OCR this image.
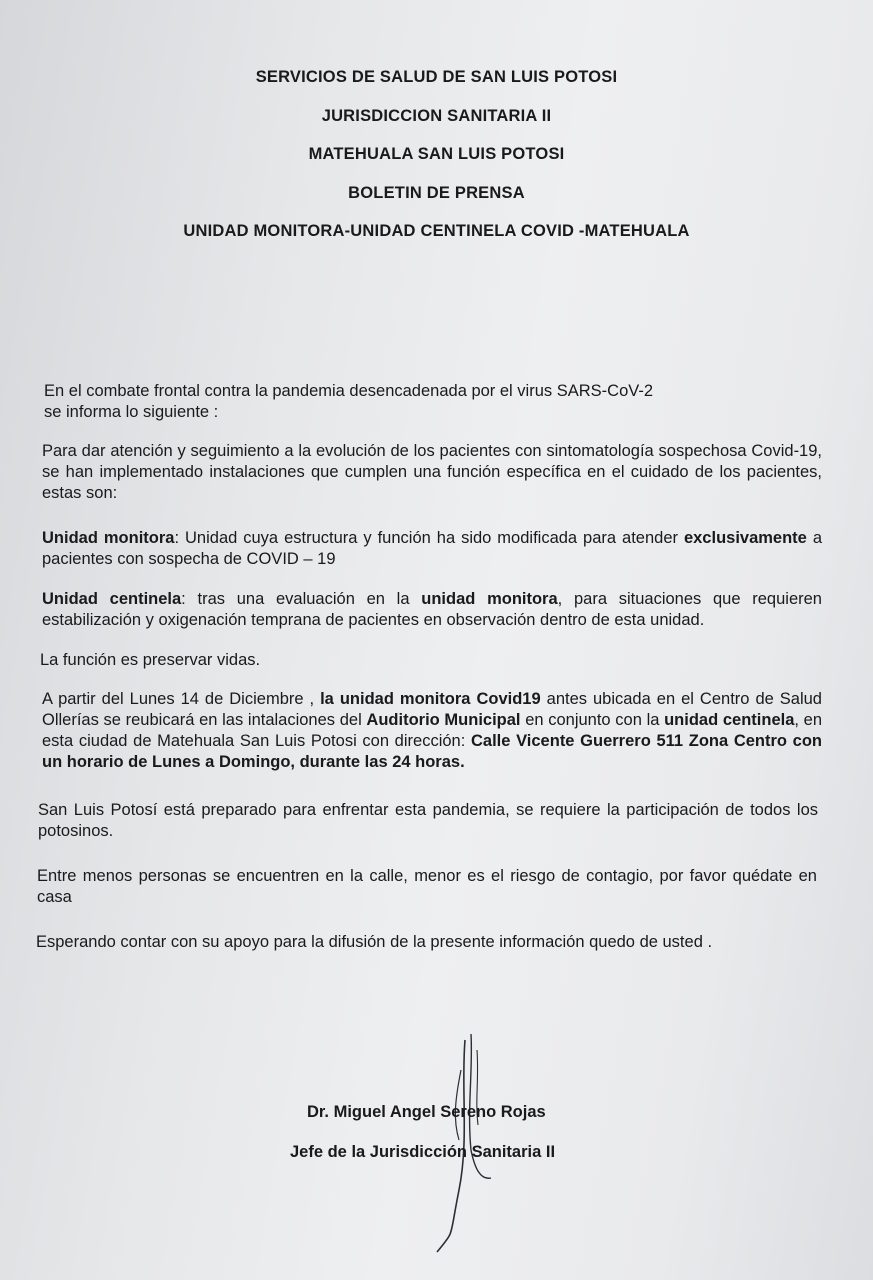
SERVICIOS DE SALUD DE SAN LUIS POTOSI
JURISDICCION SANITARIA II
MATEHUALA SAN LUIS POTOSI
BOLETIN DE PRENSA
UNIDAD MONITORA-UNIDAD CENTINELA COVID -MATEHUALA
En el combate frontal contra la pandemia desencadenada por el virus SARS-CoV-2
se informa lo siguiente :
Para dar atención y seguimiento a la evolución de los pacientes con sintomatología sospechosa Covid-19, se han implementado instalaciones que cumplen una función específica en el cuidado de los pacientes, estas son:
Unidad monitora: Unidad cuya estructura y función ha sido modificada para atender exclusivamente a pacientes con sospecha de COVID – 19
Unidad centinela: tras una evaluación en la unidad monitora, para situaciones que requieren estabilización y oxigenación temprana de pacientes en observación dentro de esta unidad.
La función es preservar vidas.
A partir del Lunes 14 de Diciembre , la unidad monitora Covid19 antes ubicada en el Centro de Salud Ollerías se reubicará en las intalaciones del Auditorio Municipal en conjunto con la unidad centinela, en esta ciudad de Matehuala San Luis Potosi con dirección: Calle Vicente Guerrero 511 Zona Centro con un horario de Lunes a Domingo, durante las 24 horas.
San Luis Potosí está preparado para enfrentar esta pandemia, se requiere la participación de todos los potosinos.
Entre menos personas se encuentren en la calle, menor es el riesgo de contagio, por favor quédate en casa
Esperando contar con su apoyo para la difusión de la presente información quedo de usted .
Dr. Miguel Angel Sereno Rojas
Jefe de la Jurisdicción Sanitaria II
